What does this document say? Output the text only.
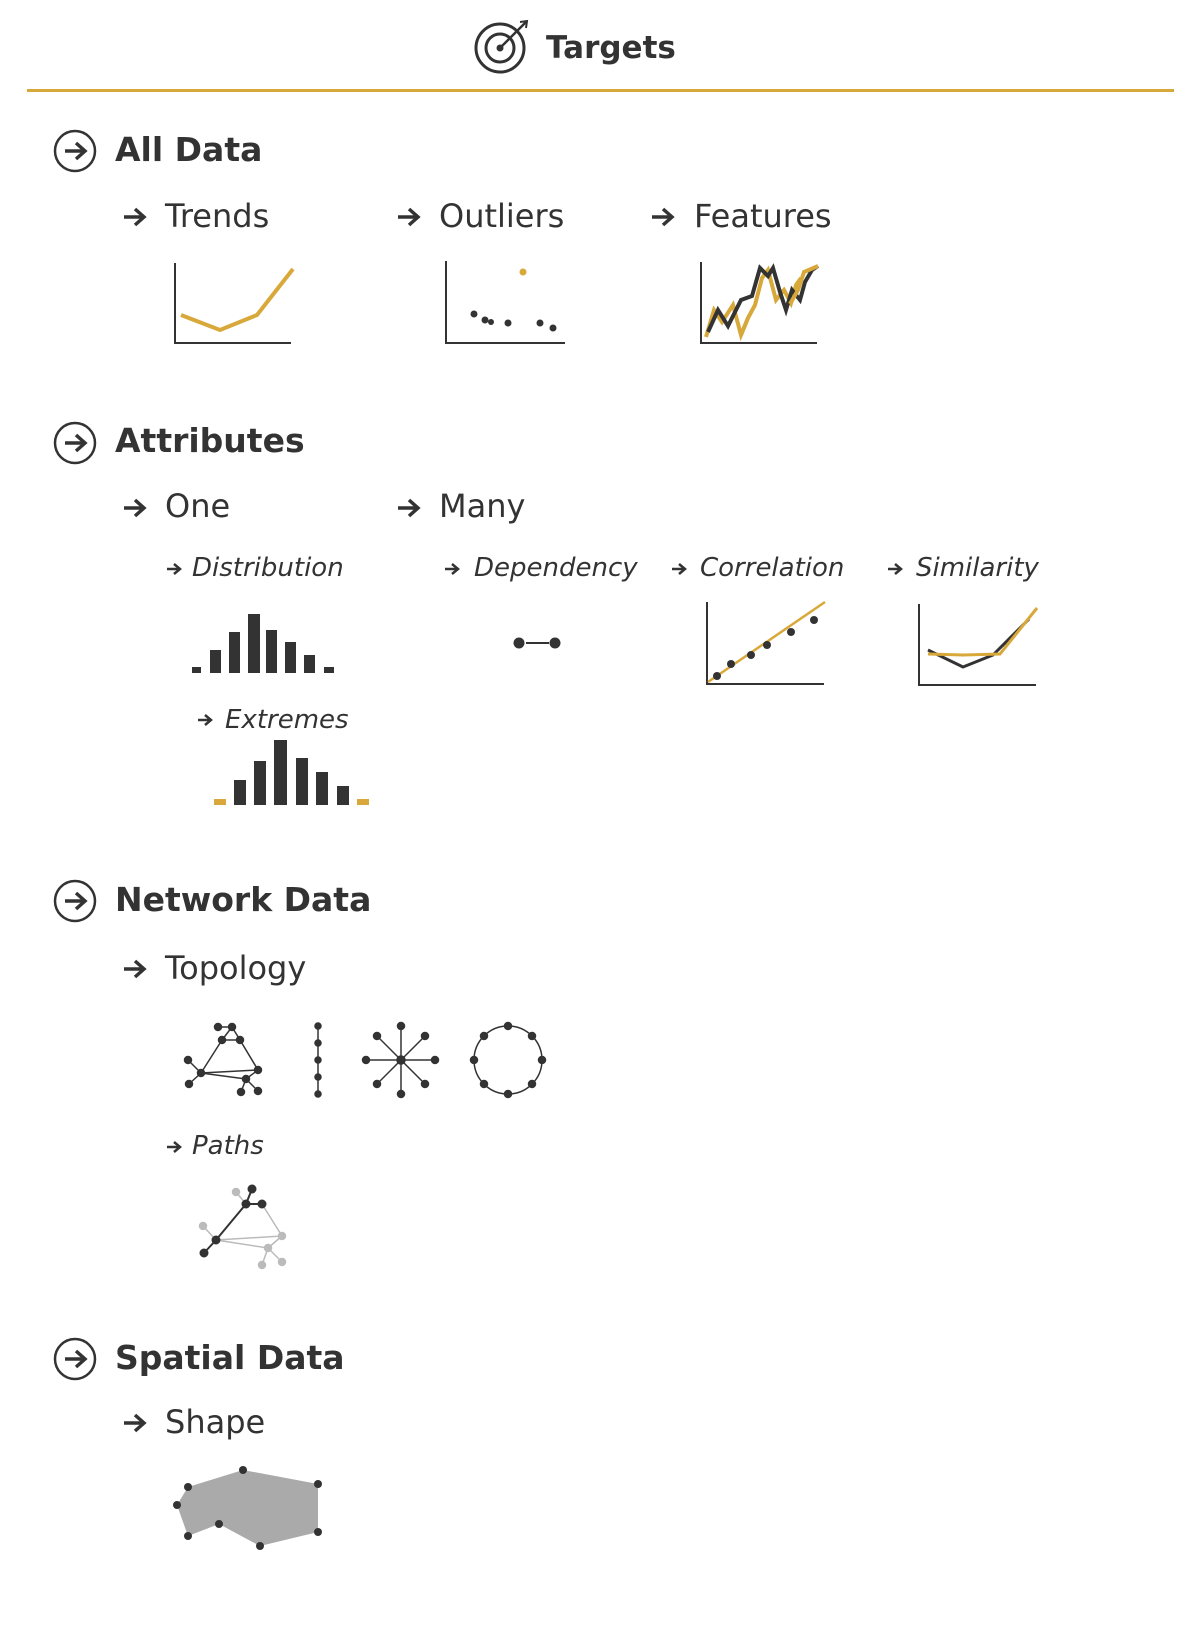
Targets
All Data
Trends	Outliers	Features
Attributes
One	Many
Distribution
Extremes
Dependency Correlation	Similarity
Network Data
Topology
Paths
Spatial Data
Shape
